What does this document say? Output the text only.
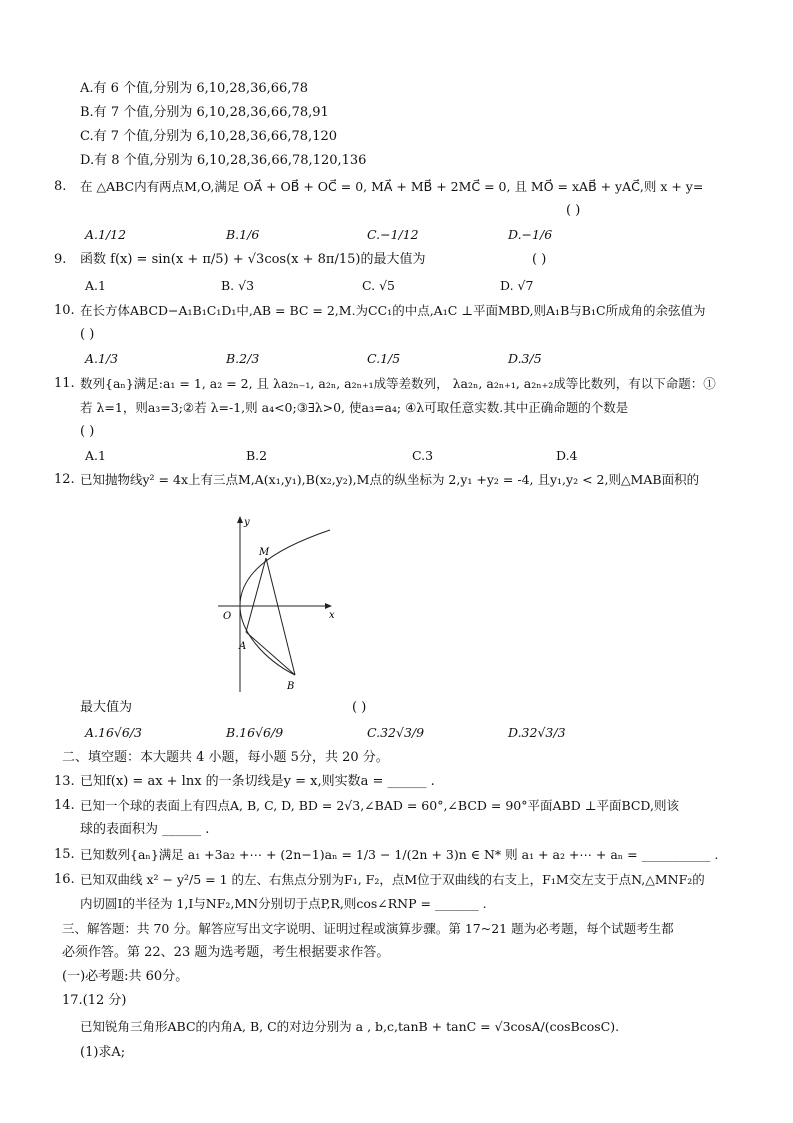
A.有 6 个值,分别为 6,10,28,36,66,78
B.有 7 个值,分别为 6,10,28,36,66,78,91
C.有 7 个值,分别为 6,10,28,36,66,78,120
D.有 8 个值,分别为 6,10,28,36,66,78,120,136
8. 在 △ABC内有两点M,O,满足 OA⃗ + OB⃗ + OC⃗ = 0, MA⃗ + MB⃗ + 2MC⃗ = 0, 且 MO⃗ = xAB⃗ + yAC⃗,则 x + y=
( )
A.1/12	B.1/6	C.−1/12	D.−1/6
9. 函数 f(x) = sin(x + π/5) + √3cos(x + 8π/15)的最大值为	( )
A.1	B. √3	C. √5	D. √7
10. 在长方体ABCD−A₁B₁C₁D₁中,AB = BC = 2,M.为CC₁的中点,A₁C ⊥平面MBD,则A₁B与B₁C所成角的余弦值为
( )
A.1/3	B.2/3	C.1/5	D.3/5
11. 数列{aₙ}满足:a₁ = 1, a₂ = 2, 且 λa₂ₙ₋₁, a₂ₙ, a₂ₙ₊₁成等差数列， λa₂ₙ, a₂ₙ₊₁, a₂ₙ₊₂成等比数列，有以下命题：①
若 λ=1，则a₃=3;②若 λ=-1,则 a₄<0;③∃λ>0, 使a₃=a₄; ④λ可取任意实数.其中正确命题的个数是
( )
A.1	B.2	C.3	D.4
12. 已知抛物线y² = 4x上有三点M,A(x₁,y₁),B(x₂,y₂),M点的纵坐标为 2,y₁ +y₂ = -4, 且y₁,y₂ < 2,则△MAB面积的
y
x
O
M
A
B
最大值为	( )
A.16√6/3	B.16√6/9	C.32√3/9	D.32√3/3
二、填空题：本大题共 4 小题，每小题 5分，共 20 分。
13. 已知f(x) = ax + lnx 的一条切线是y = x,则实数a = ______ .
14. 已知一个球的表面上有四点A, B, C, D, BD = 2√3,∠BAD = 60°,∠BCD = 90°平面ABD ⊥平面BCD,则该
球的表面积为 ______ .
15. 已知数列{aₙ}满足 a₁ +3a₂ +⋯ + (2n−1)aₙ = 1/3 − 1/(2n + 3)n ∈ N* 则 a₁ + a₂ +⋯ + aₙ = ___________ .
16. 已知双曲线 x² − y²/5 = 1 的左、右焦点分别为F₁, F₂，点M位于双曲线的右支上，F₁M交左支于点N,△MNF₂的
内切圆I的半径为 1,I与NF₂,MN分别切于点P,R,则cos∠RNP = _______ .
三、解答题：共 70 分。解答应写出文字说明、证明过程或演算步骤。第 17~21 题为必考题，每个试题考生都
必须作答。第 22、23 题为选考题，考生根据要求作答。
(一)必考题:共 60分。
17.(12 分)
已知锐角三角形ABC的内角A, B, C的对边分别为 a , b,c,tanB + tanC = √3cosA/(cosBcosC).
(1)求A;
